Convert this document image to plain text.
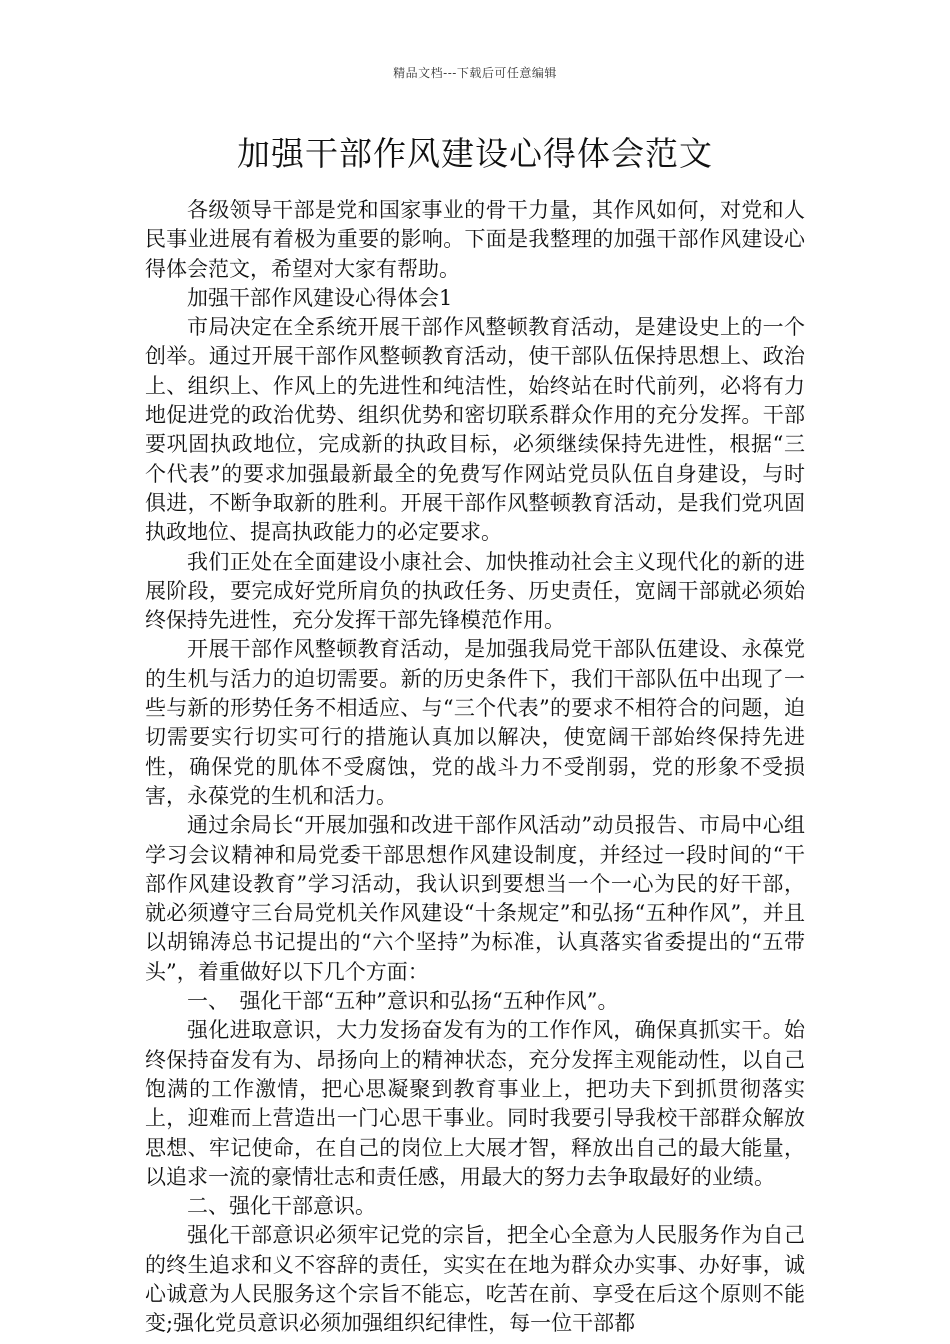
精品文档---下载后可任意编辑
加强干部作风建设心得体会范文

各级领导干部是党和国家事业的骨干力量，其作风如何，对党和人民事业进展有着极为重要的影响。下面是我整理的加强干部作风建设心得体会范文，希望对大家有帮助。

加强干部作风建设心得体会1

市局决定在全系统开展干部作风整顿教育活动，是建设史上的一个创举。通过开展干部作风整顿教育活动，使干部队伍保持思想上、政治上、组织上、作风上的先进性和纯洁性，始终站在时代前列，必将有力地促进党的政治优势、组织优势和密切联系群众作用的充分发挥。干部要巩固执政地位，完成新的执政目标，必须继续保持先进性，根据“三个代表”的要求加强最新最全的免费写作网站党员队伍自身建设，与时俱进，不断争取新的胜利。开展干部作风整顿教育活动，是我们党巩固执政地位、提高执政能力的必定要求。

我们正处在全面建设小康社会、加快推动社会主义现代化的新的进展阶段，要完成好党所肩负的执政任务、历史责任，宽阔干部就必须始终保持先进性，充分发挥干部先锋模范作用。

开展干部作风整顿教育活动，是加强我局党干部队伍建设、永葆党的生机与活力的迫切需要。新的历史条件下，我们干部队伍中出现了一些与新的形势任务不相适应、与“三个代表”的要求不相符合的问题，迫切需要实行切实可行的措施认真加以解决，使宽阔干部始终保持先进性，确保党的肌体不受腐蚀，党的战斗力不受削弱，党的形象不受损害，永葆党的生机和活力。

通过余局长“开展加强和改进干部作风活动”动员报告、市局中心组学习会议精神和局党委干部思想作风建设制度，并经过一段时间的“干部作风建设教育”学习活动，我认识到要想当一个一心为民的好干部，就必须遵守三台局党机关作风建设“十条规定”和弘扬“五种作风”，并且以胡锦涛总书记提出的“六个坚持”为标准，认真落实省委提出的“五带头”，着重做好以下几个方面：

一、　强化干部“五种”意识和弘扬“五种作风”。

强化进取意识，大力发扬奋发有为的工作作风，确保真抓实干。始终保持奋发有为、昂扬向上的精神状态，充分发挥主观能动性，以自己饱满的工作激情，把心思凝聚到教育事业上，把功夫下到抓贯彻落实上，迎难而上营造出一门心思干事业。同时我要引导我校干部群众解放思想、牢记使命，在自己的岗位上大展才智，释放出自己的最大能量，以追求一流的豪情壮志和责任感，用最大的努力去争取最好的业绩。

二、强化干部意识。

强化干部意识必须牢记党的宗旨，把全心全意为人民服务作为自己的终生追求和义不容辞的责任，实实在在地为群众办实事、办好事，诚心诚意为人民服务这个宗旨不能忘，吃苦在前、享受在后这个原则不能变;强化党员意识必须加强组织纪律性，每一位干部都
